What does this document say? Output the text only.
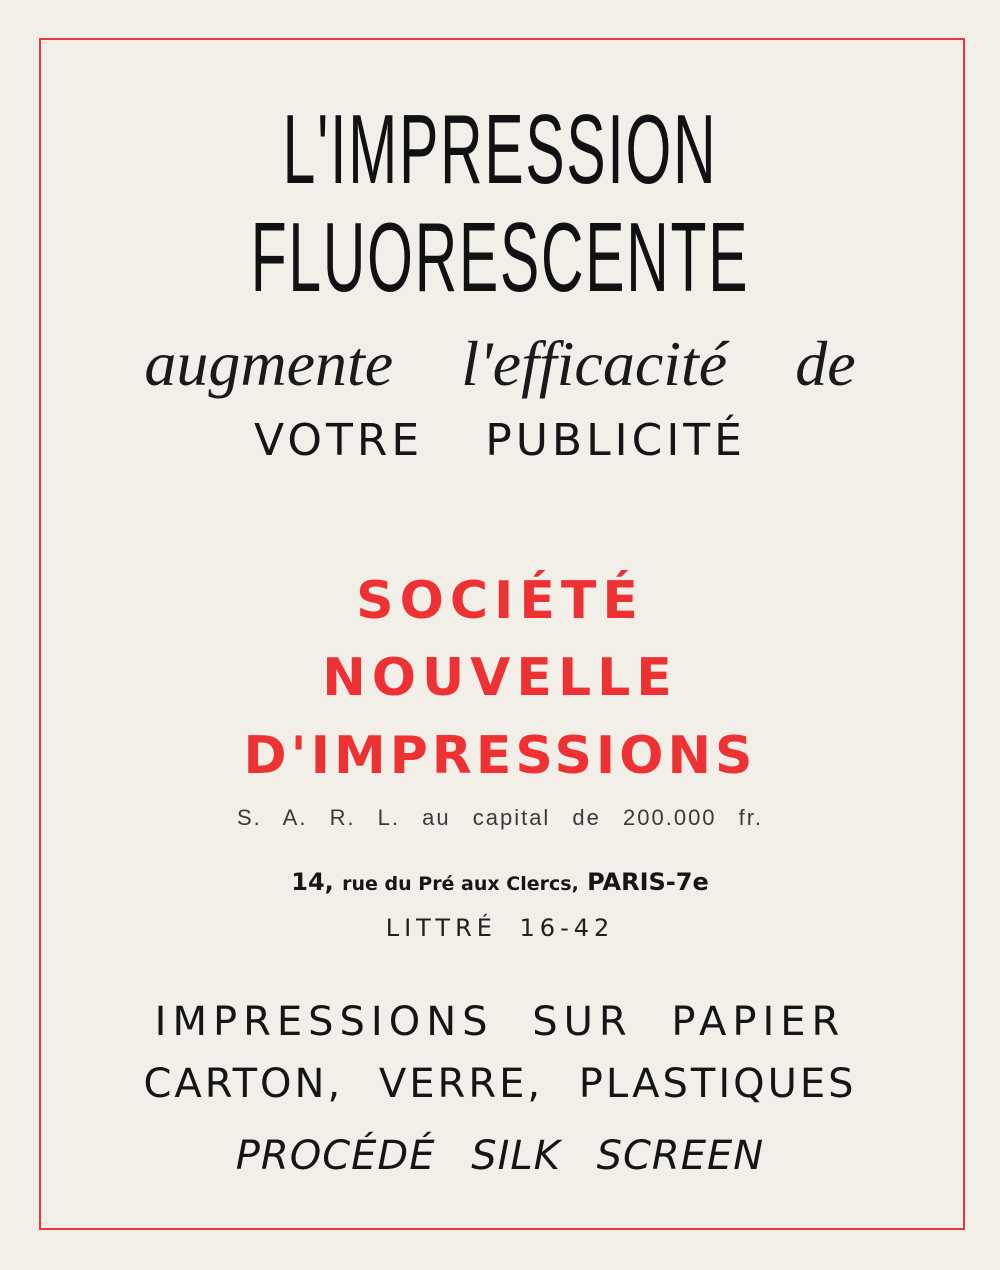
L'IMPRESSION
FLUORESCENTE
augmente l'efficacité de
VOTRE PUBLICITÉ
SOCIÉTÉ
NOUVELLE
D'IMPRESSIONS
S. A. R. L. au capital de 200.000 fr.
14, rue du Pré aux Clercs, PARIS-7e
LITTRÉ 16-42
IMPRESSIONS SUR PAPIER
CARTON, VERRE, PLASTIQUES
PROCÉDÉ SILK SCREEN
